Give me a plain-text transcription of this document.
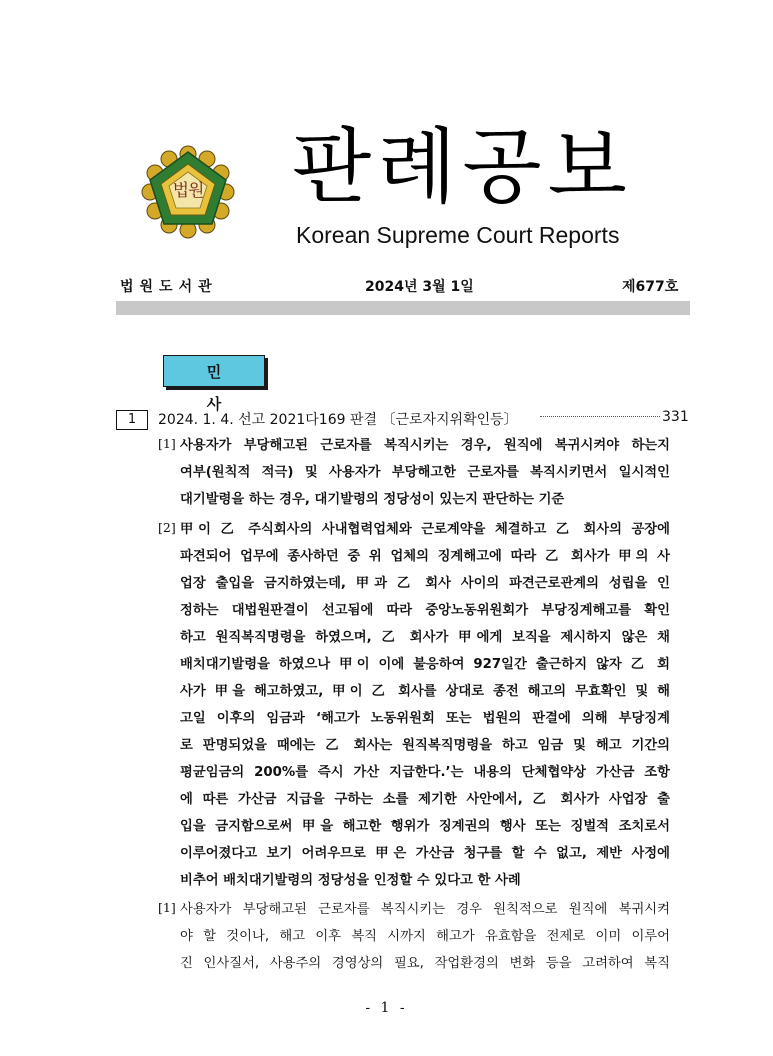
법원 판례공보
Korean Supreme Court Reports
법원도서관	2024년 3월 1일	제677호
민 사
1	2024. 1. 4. 선고 2021다169 판결 〔근로자지위확인등〕	331
[1] 사용자가 부당해고된 근로자를 복직시키는 경우, 원직에 복귀시켜야 하는지
여부(원칙적 적극) 및 사용자가 부당해고한 근로자를 복직시키면서 일시적인
대기발령을 하는 경우, 대기발령의 정당성이 있는지 판단하는 기준
[2] 甲이 乙 주식회사의 사내협력업체와 근로계약을 체결하고 乙 회사의 공장에
파견되어 업무에 종사하던 중 위 업체의 징계해고에 따라 乙 회사가 甲의 사
업장 출입을 금지하였는데, 甲과 乙 회사 사이의 파견근로관계의 성립을 인
정하는 대법원판결이 선고됨에 따라 중앙노동위원회가 부당징계해고를 확인
하고 원직복직명령을 하였으며, 乙 회사가 甲에게 보직을 제시하지 않은 채
배치대기발령을 하였으나 甲이 이에 불응하여 927일간 출근하지 않자 乙 회
사가 甲을 해고하였고, 甲이 乙 회사를 상대로 종전 해고의 무효확인 및 해
고일 이후의 임금과 ‘해고가 노동위원회 또는 법원의 판결에 의해 부당징계
로 판명되었을 때에는 乙 회사는 원직복직명령을 하고 임금 및 해고 기간의
평균임금의 200%를 즉시 가산 지급한다.’는 내용의 단체협약상 가산금 조항
에 따른 가산금 지급을 구하는 소를 제기한 사안에서, 乙 회사가 사업장 출
입을 금지함으로써 甲을 해고한 행위가 징계권의 행사 또는 징벌적 조치로서
이루어졌다고 보기 어려우므로 甲은 가산금 청구를 할 수 없고, 제반 사정에
비추어 배치대기발령의 정당성을 인정할 수 있다고 한 사례
[1] 사용자가 부당해고된 근로자를 복직시키는 경우 원칙적으로 원직에 복귀시켜
야 할 것이나, 해고 이후 복직 시까지 해고가 유효함을 전제로 이미 이루어
진 인사질서, 사용주의 경영상의 필요, 작업환경의 변화 등을 고려하여 복직
- 1 -
